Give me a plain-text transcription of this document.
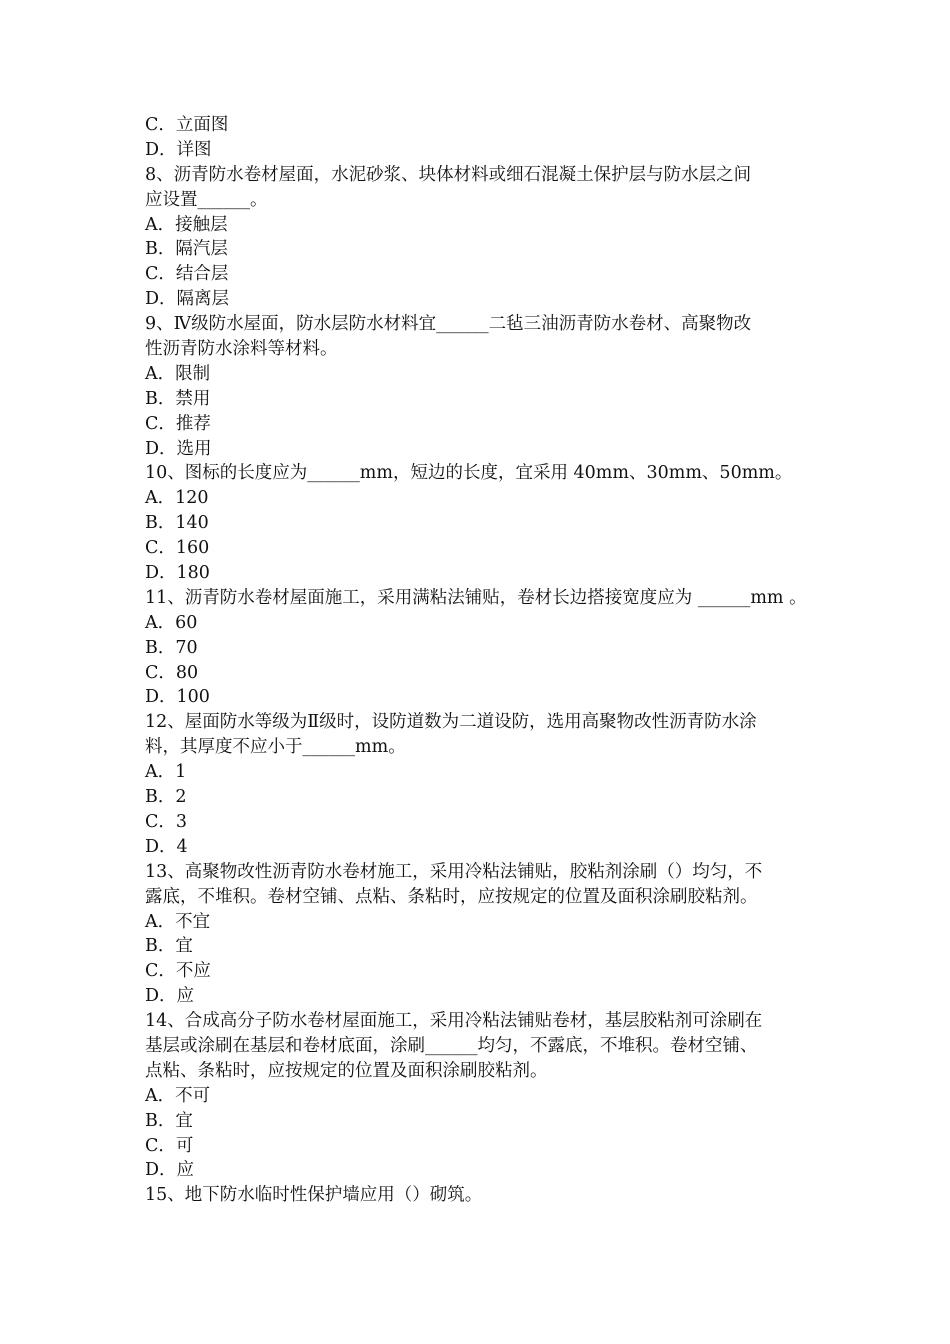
C．立面图
D．详图
8、沥青防水卷材屋面，水泥砂浆、块体材料或细石混凝土保护层与防水层之间
应设置______。
A．接触层
B．隔汽层
C．结合层
D．隔离层
9、Ⅳ级防水屋面，防水层防水材料宜______二毡三油沥青防水卷材、高聚物改
性沥青防水涂料等材料。
A．限制
B．禁用
C．推荐
D．选用
10、图标的长度应为______mm，短边的长度，宜采用 40mm、30mm、50mm。
A．120
B．140
C．160
D．180
11、沥青防水卷材屋面施工，采用满粘法铺贴，卷材长边搭接宽度应为 ______mm 。
A．60
B．70
C．80
D．100
12、屋面防水等级为Ⅱ级时，设防道数为二道设防，选用高聚物改性沥青防水涂
料，其厚度不应小于______mm。
A．1
B．2
C．3
D．4
13、高聚物改性沥青防水卷材施工，采用冷粘法铺贴，胶粘剂涂刷（）均匀，不
露底，不堆积。卷材空铺、点粘、条粘时，应按规定的位置及面积涂刷胶粘剂。
A．不宜
B．宜
C．不应
D．应
14、合成高分子防水卷材屋面施工，采用冷粘法铺贴卷材，基层胶粘剂可涂刷在
基层或涂刷在基层和卷材底面，涂刷______均匀，不露底，不堆积。卷材空铺、
点粘、条粘时，应按规定的位置及面积涂刷胶粘剂。
A．不可
B．宜
C．可
D．应
15、地下防水临时性保护墙应用（）砌筑。
